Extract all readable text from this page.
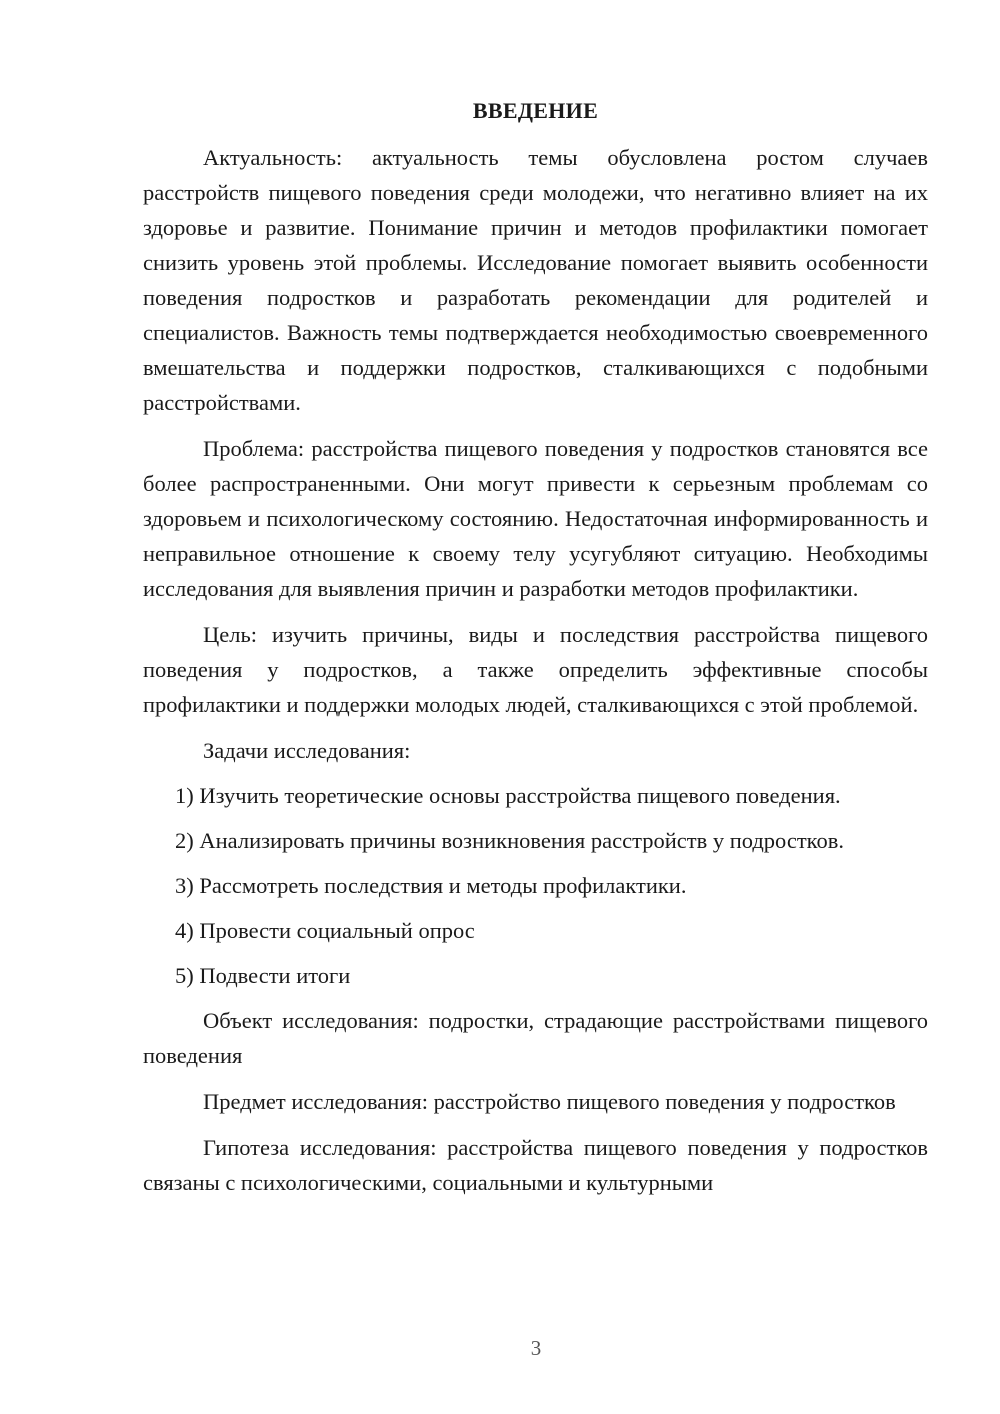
ВВЕДЕНИЕ

Актуальность: актуальность темы обусловлена ростом случаев расстройств пищевого поведения среди молодежи, что негативно влияет на их здоровье и развитие. Понимание причин и методов профилактики помогает снизить уровень этой проблемы. Исследование помогает выявить особенности поведения подростков и разработать рекомендации для родителей и специалистов. Важность темы подтверждается необходимостью своевременного вмешательства и поддержки подростков, сталкивающихся с подобными расстройствами.

Проблема: расстройства пищевого поведения у подростков становятся все более распространенными. Они могут привести к серьезным проблемам со здоровьем и психологическому состоянию. Недостаточная информированность и неправильное отношение к своему телу усугубляют ситуацию. Необходимы исследования для выявления причин и разработки методов профилактики.

Цель: изучить причины, виды и последствия расстройства пищевого поведения у подростков, а также определить эффективные способы профилактики и поддержки молодых людей, сталкивающихся с этой проблемой.

Задачи исследования:

1) Изучить теоретические основы расстройства пищевого поведения.
2) Анализировать причины возникновения расстройств у подростков.
3) Рассмотреть последствия и методы профилактики.
4) Провести социальный опрос
5) Подвести итоги

Объект исследования: подростки, страдающие расстройствами пищевого поведения

Предмет исследования: расстройство пищевого поведения у подростков

Гипотеза исследования: расстройства пищевого поведения у подростков связаны с психологическими, социальными и культурными

3
